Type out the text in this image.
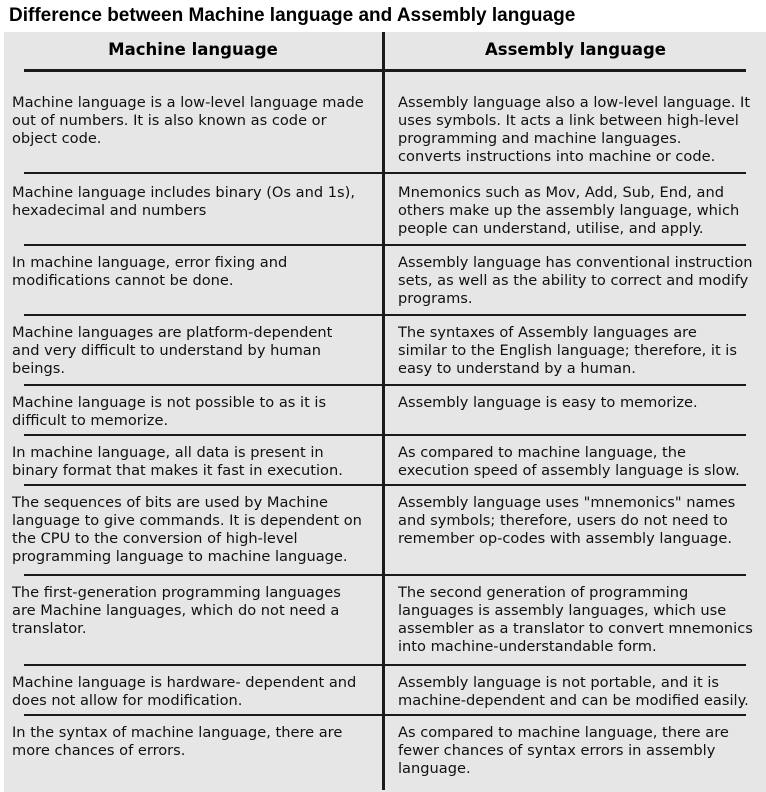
Difference between Machine language and Assembly language
Machine language	Assembly language
Machine language is a low-level language made
out of numbers. It is also known as code or
object code.
Assembly language also a low-level language. It
uses symbols. It acts a link between high-level
programming and machine languages.
converts instructions into machine or code.
Machine language includes binary (Os and 1s),
hexadecimal and numbers
Mnemonics such as Mov, Add, Sub, End, and
others make up the assembly language, which
people can understand, utilise, and apply.
In machine language, error fixing and
modifications cannot be done.
Assembly language has conventional instruction
sets, as well as the ability to correct and modify
programs.
Machine languages are platform-dependent
and very difficult to understand by human
beings.
The syntaxes of Assembly languages are
similar to the English language; therefore, it is
easy to understand by a human.
Machine language is not possible to as it is
difficult to memorize.
Assembly language is easy to memorize.
In machine language, all data is present in
binary format that makes it fast in execution.
As compared to machine language, the
execution speed of assembly language is slow.
The sequences of bits are used by Machine
language to give commands. It is dependent on
the CPU to the conversion of high-level
programming language to machine language.
Assembly language uses "mnemonics" names
and symbols; therefore, users do not need to
remember op-codes with assembly language.
The first-generation programming languages
are Machine languages, which do not need a
translator.
The second generation of programming
languages is assembly languages, which use
assembler as a translator to convert mnemonics
into machine-understandable form.
Machine language is hardware- dependent and
does not allow for modification.
Assembly language is not portable, and it is
machine-dependent and can be modified easily.
In the syntax of machine language, there are
more chances of errors.
As compared to machine language, there are
fewer chances of syntax errors in assembly
language.
